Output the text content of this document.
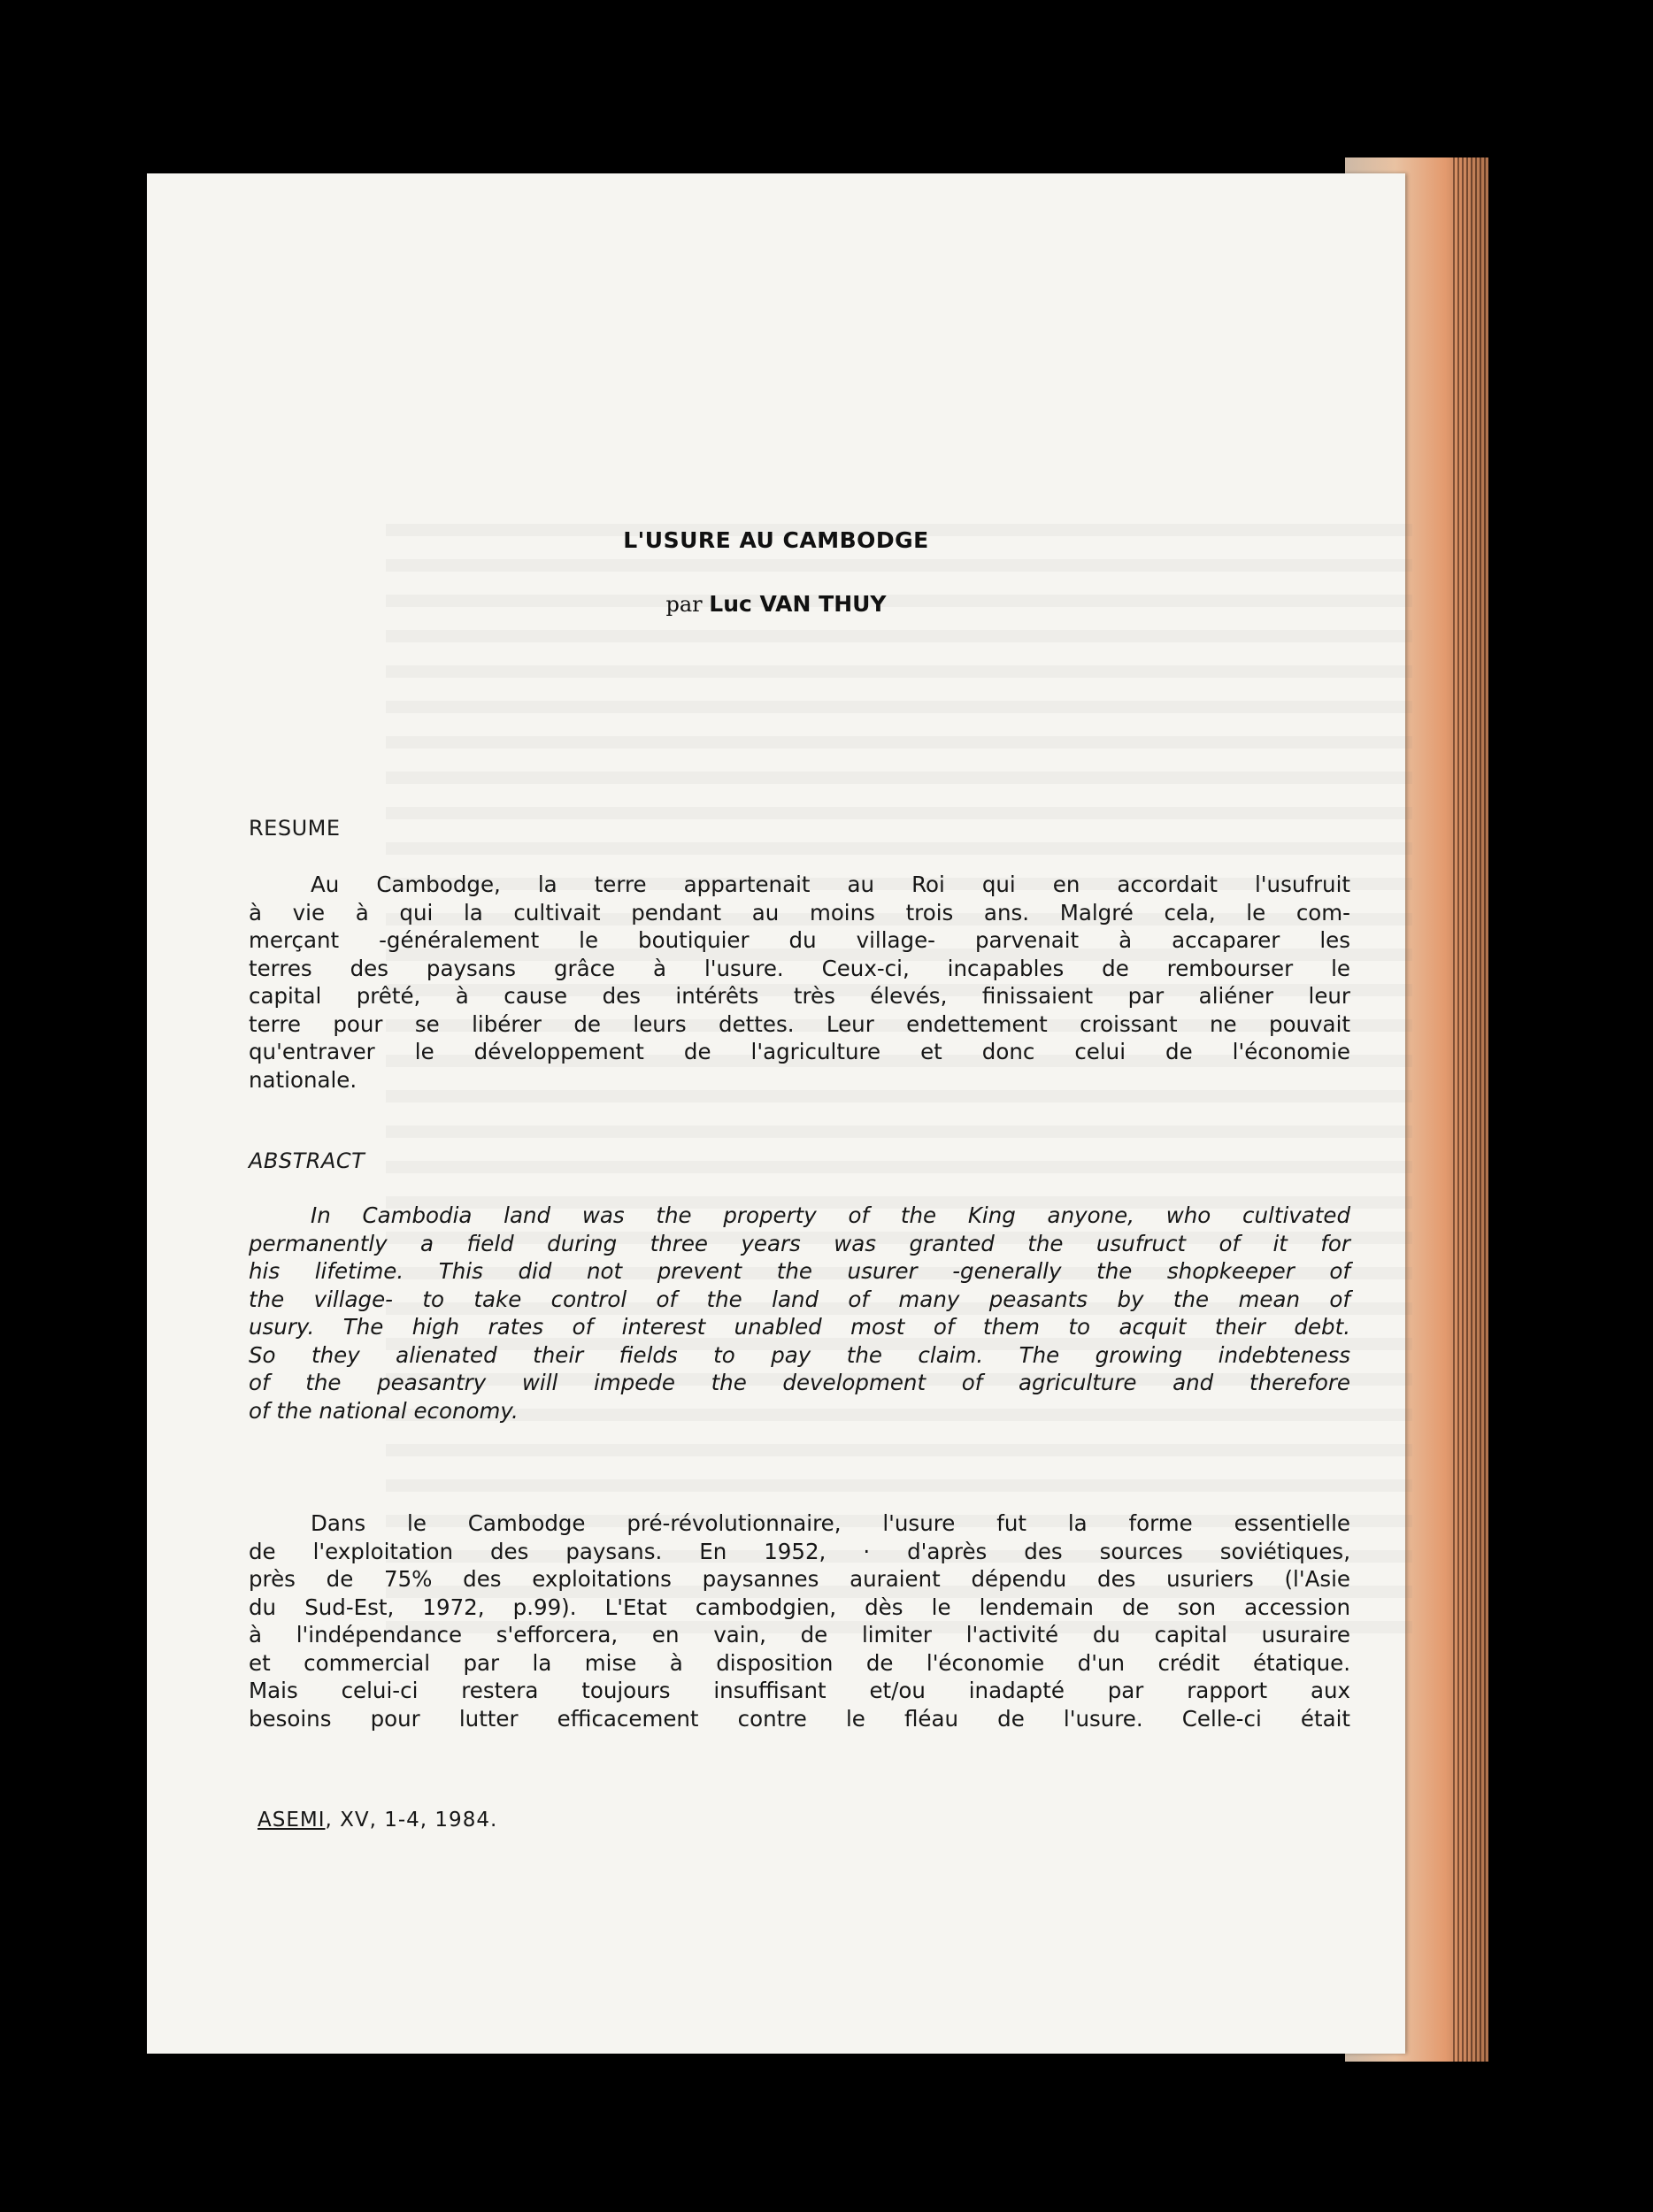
L'USURE AU CAMBODGE
par Luc VAN THUY
RESUME
Au Cambodge, la terre appartenait au Roi qui en accordait l'usufruit
à vie à qui la cultivait pendant au moins trois ans. Malgré cela, le com-
merçant -généralement le boutiquier du village- parvenait à accaparer les
terres des paysans grâce à l'usure. Ceux-ci, incapables de rembourser le
capital prêté, à cause des intérêts très élevés, finissaient par aliéner leur
terre pour se libérer de leurs dettes. Leur endettement croissant ne pouvait
qu'entraver le développement de l'agriculture et donc celui de l'économie
nationale.
ABSTRACT
In Cambodia land was the property of the King anyone, who cultivated
permanently a field during three years was granted the usufruct of it for
his lifetime. This did not prevent the usurer -generally the shopkeeper of
the village- to take control of the land of many peasants by the mean of
usury. The high rates of interest unabled most of them to acquit their debt.
So they alienated their fields to pay the claim. The growing indebteness
of the peasantry will impede the development of agriculture and therefore
of the national economy.
Dans le Cambodge pré-révolutionnaire, l'usure fut la forme essentielle
de l'exploitation des paysans. En 1952, · d'après des sources soviétiques,
près de 75% des exploitations paysannes auraient dépendu des usuriers (l'Asie
du Sud-Est, 1972, p.99). L'Etat cambodgien, dès le lendemain de son accession
à l'indépendance s'efforcera, en vain, de limiter l'activité du capital usuraire
et commercial par la mise à disposition de l'économie d'un crédit étatique.
Mais celui-ci restera toujours insuffisant et/ou inadapté par rapport aux
besoins pour lutter efficacement contre le fléau de l'usure. Celle-ci était
ASEMI, XV, 1-4, 1984.
